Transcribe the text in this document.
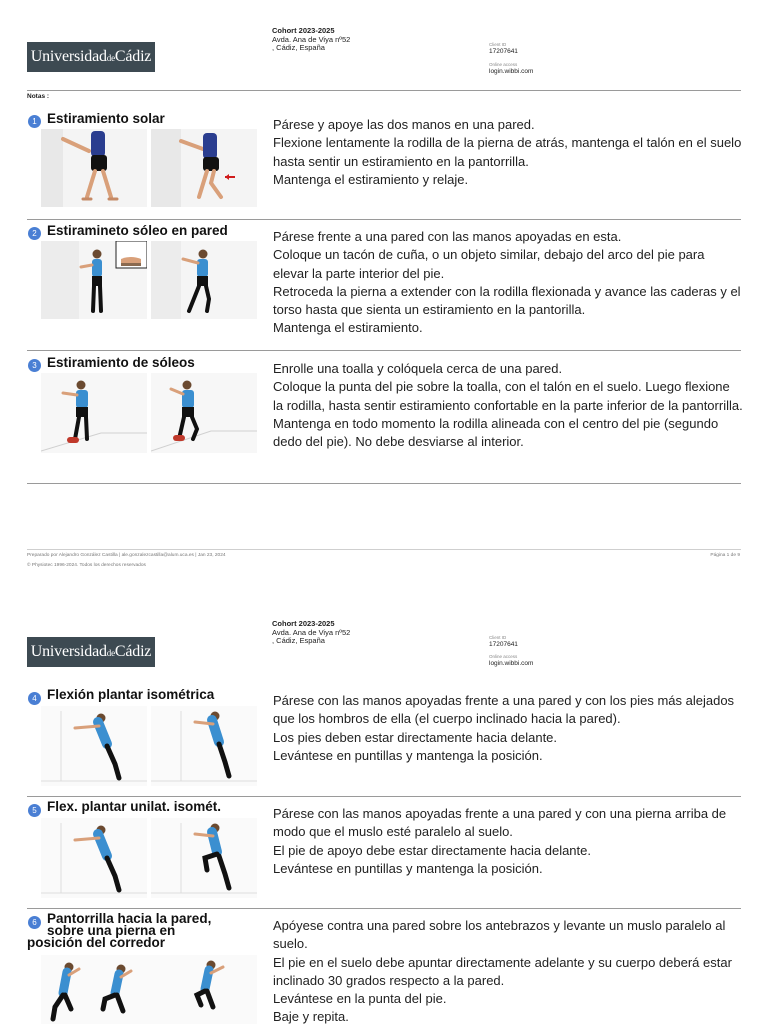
UniversidaddeCádiz
Cohort 2023-2025
Avda. Ana de Viya nº52
, Cádiz, España	Client ID
17207641
Online access
login.wibbi.com
Notas :
1 Estiramiento solar	Párese y apoye las dos manos en una pared.

Flexione lentamente la rodilla de la pierna de atrás, mantenga el talón en el suelo hasta sentir un estiramiento en la pantorrilla.

Mantenga el estiramiento y relaje.

2 Estiramineto sóleo en pared	Párese frente a una pared con las manos apoyadas en esta.

Coloque un tacón de cuña, o un objeto similar, debajo del arco del pie para elevar la parte interior del pie.

Retroceda la pierna a extender con la rodilla flexionada y avance las caderas y el torso hasta que sienta un estiramiento en la pantorilla.

Mantenga el estiramiento.

3 Estiramiento de sóleos	Enrolle una toalla y colóquela cerca de una pared.

Coloque la punta del pie sobre la toalla, con el talón en el suelo. Luego flexione la rodilla, hasta sentir estiramiento confortable en la parte inferior de la pantorrilla.

Mantenga en todo momento la rodilla alineada con el centro del pie (segundo dedo del pie). No debe desviarse al interior.

Preparado por Alejandro González Castilla | ale.gonzalezcastilla@alum.uca.es | Jan 23, 2024	Página 1 de 9
© Physiotec 1996-2024. Todos los derechos reservados
UniversidaddeCádiz
Cohort 2023-2025
Avda. Ana de Viya nº52
, Cádiz, España	Client ID
17207641
Online access
login.wibbi.com
4 Flexión plantar isométrica	Párese con las manos apoyadas frente a una pared y con los pies más alejados que los hombros de ella (el cuerpo inclinado hacia la pared).

Los pies deben estar directamente hacia delante.

Levántese en puntillas y mantenga la posición.

5 Flex. plantar unilat. isomét.	Párese con las manos apoyadas frente a una pared y con una pierna arriba de modo que el muslo esté paralelo al suelo.

El pie de apoyo debe estar directamente hacia delante.

Levántese en puntillas y mantenga la posición.

6 Pantorrilla hacia la pared,
sobre una pierna en
posición del corredor

Apóyese contra una pared sobre los antebrazos y levante un muslo paralelo al suelo.

El pie en el suelo debe apuntar directamente adelante y su cuerpo deberá estar inclinado 30 grados respecto a la pared.

Levántese en la punta del pie.

Baje y repita.
